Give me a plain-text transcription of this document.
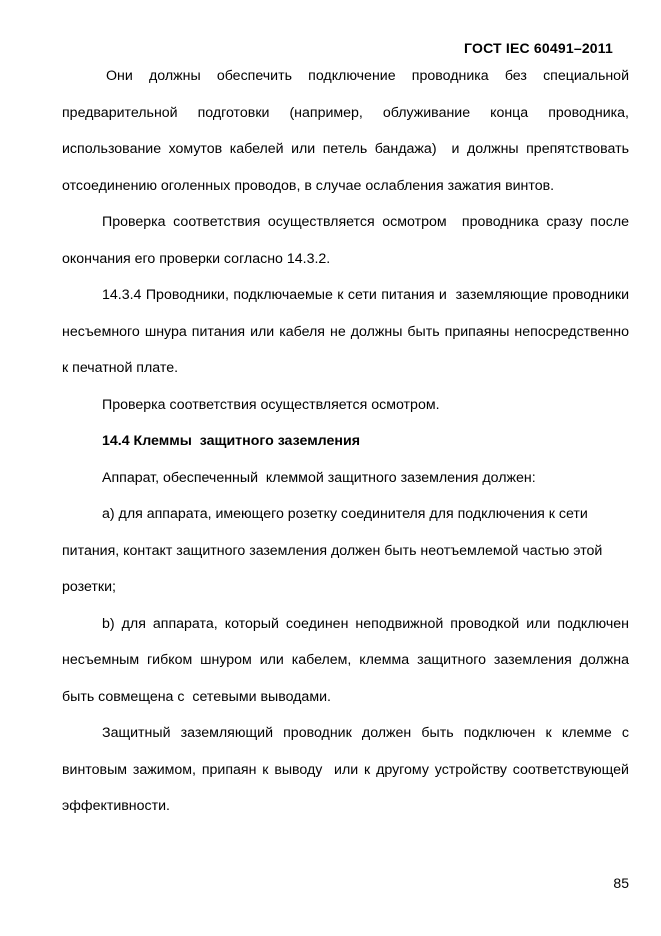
ГОСТ IEC 60491–2011

Они должны обеспечить подключение проводника без специальной предварительной подготовки (например, облуживание конца проводника, использование хомутов кабелей или петель бандажа)  и должны препятствовать отсоединению оголенных проводов, в случае ослабления зажатия винтов.

Проверка соответствия осуществляется осмотром  проводника сразу после окончания его проверки согласно 14.3.2.

14.3.4 Проводники, подключаемые к сети питания и  заземляющие проводники несъемного шнура питания или кабеля не должны быть припаяны непосредственно к печатной плате.

Проверка соответствия осуществляется осмотром.

14.4 Клеммы  защитного заземления

Аппарат, обеспеченный  клеммой защитного заземления должен:

а) для аппарата, имеющего розетку соединителя для подключения к сети питания, контакт защитного заземления должен быть неотъемлемой частью этой розетки;

b) для аппарата, который соединен неподвижной проводкой или подключен  несъемным гибком шнуром или кабелем, клемма защитного заземления должна быть совмещена с  сетевыми выводами.

Защитный заземляющий проводник должен быть подключен к клемме с винтовым зажимом, припаян к выводу  или к другому устройству соответствующей эффективности.

85
